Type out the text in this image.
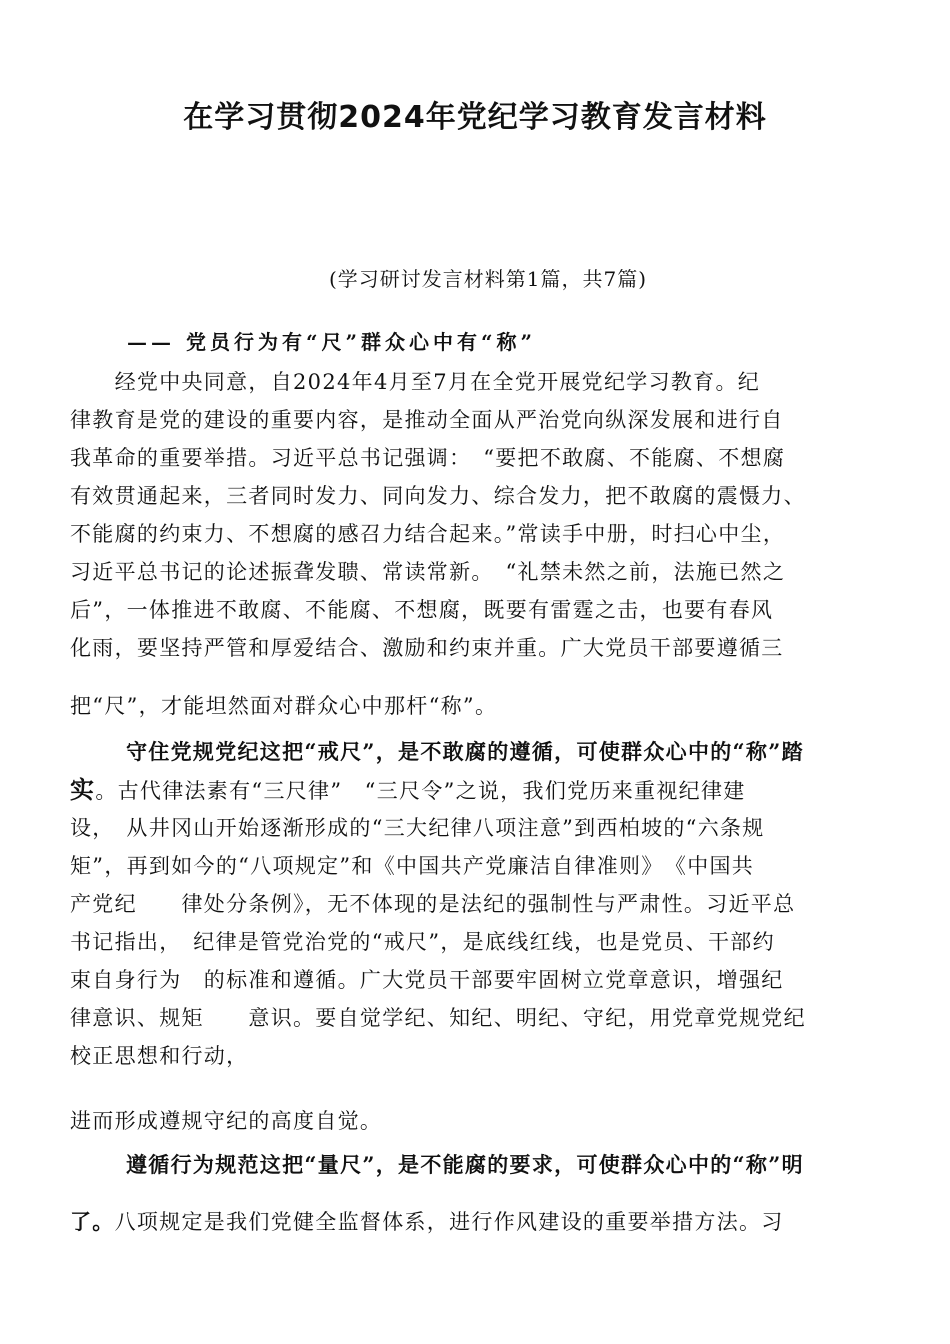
在学习贯彻2024年党纪学习教育发言材料
(学习研讨发言材料第1篇，共7篇)
—— 党员行为有“尺”群众心中有“称”
　　经党中央同意，自2024年4月至7月在全党开展党纪学习教育。纪
律教育是党的建设的重要内容，是推动全面从严治党向纵深发展和进行自
我革命的重要举措。习近平总书记强调：　“要把不敢腐、不能腐、不想腐
有效贯通起来，三者同时发力、同向发力、综合发力，把不敢腐的震慑力、
不能腐的约束力、不想腐的感召力结合起来。”常读手中册，时扫心中尘，
习近平总书记的论述振聋发聩、常读常新。　“礼禁未然之前，法施已然之
后”，一体推进不敢腐、不能腐、不想腐，既要有雷霆之击，也要有春风
化雨，要坚持严管和厚爱结合、激励和约束并重。广大党员干部要遵循三
把“尺”，才能坦然面对群众心中那杆“称”。
守住党规党纪这把“戒尺”，是不敢腐的遵循，可使群众心中的“称”踏
实。古代律法素有“三尺律”　“三尺令”之说，我们党历来重视纪律建
设，　从井冈山开始逐渐形成的“三大纪律八项注意”到西柏坡的“六条规
矩”，再到如今的“八项规定”和《中国共产党廉洁自律准则》　《中国共
产党纪　　律处分条例》，无不体现的是法纪的强制性与严肃性。习近平总
书记指出，　纪律是管党治党的“戒尺”，是底线红线，也是党员、干部约
束自身行为　的标准和遵循。广大党员干部要牢固树立党章意识，增强纪
律意识、规矩　　意识。要自觉学纪、知纪、明纪、守纪，用党章党规党纪
校正思想和行动，
进而形成遵规守纪的高度自觉。
遵循行为规范这把“量尺”，是不能腐的要求，可使群众心中的“称”明
了。八项规定是我们党健全监督体系，进行作风建设的重要举措方法。习
